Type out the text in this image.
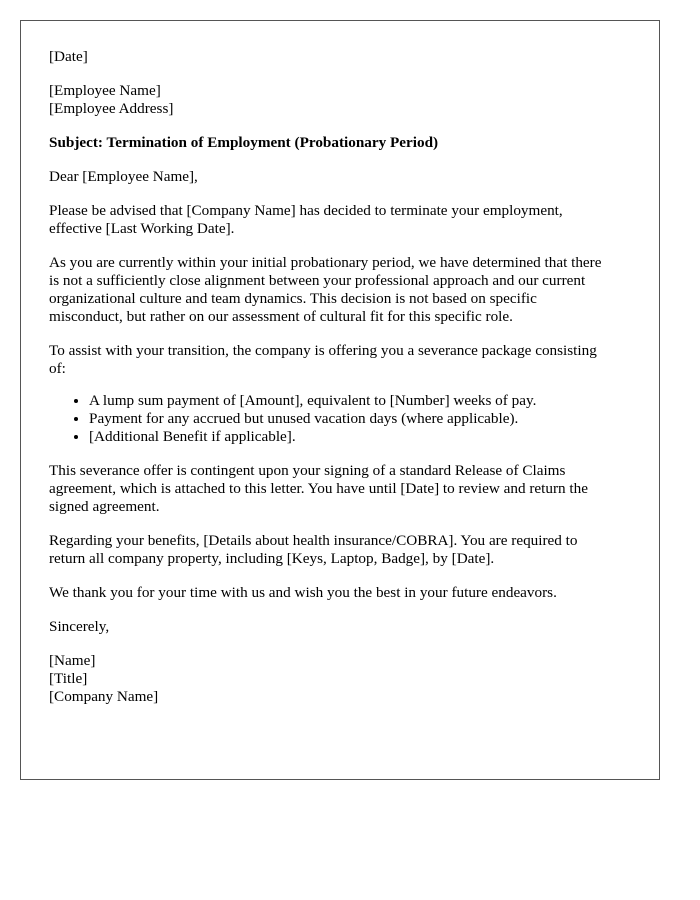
[Date]
[Employee Name]
[Employee Address]
Subject: Termination of Employment (Probationary Period)
Dear [Employee Name],
Please be advised that [Company Name] has decided to terminate your employment,
effective [Last Working Date].
As you are currently within your initial probationary period, we have determined that there
is not a sufficiently close alignment between your professional approach and our current
organizational culture and team dynamics. This decision is not based on specific
misconduct, but rather on our assessment of cultural fit for this specific role.
To assist with your transition, the company is offering you a severance package consisting
of:
• A lump sum payment of [Amount], equivalent to [Number] weeks of pay.
• Payment for any accrued but unused vacation days (where applicable).
• [Additional Benefit if applicable].
This severance offer is contingent upon your signing of a standard Release of Claims
agreement, which is attached to this letter. You have until [Date] to review and return the
signed agreement.
Regarding your benefits, [Details about health insurance/COBRA]. You are required to
return all company property, including [Keys, Laptop, Badge], by [Date].
We thank you for your time with us and wish you the best in your future endeavors.
Sincerely,
[Name]
[Title]
[Company Name]
